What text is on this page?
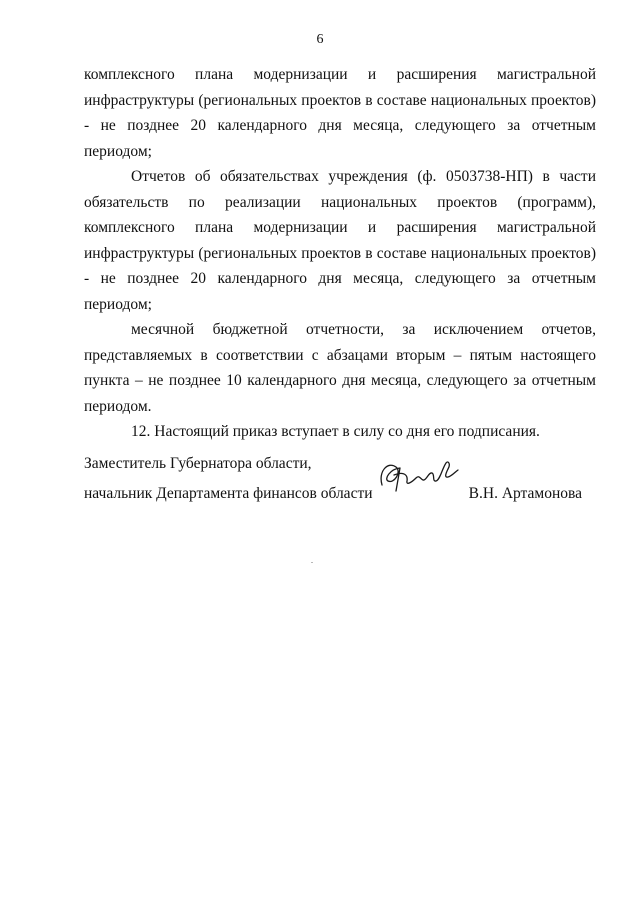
6

комплексного плана модернизации и расширения магистральной инфраструктуры (региональных проектов в составе национальных проектов) - не позднее 20 календарного дня месяца, следующего за отчетным периодом;

Отчетов об обязательствах учреждения (ф. 0503738-НП) в части обязательств по реализации национальных проектов (программ), комплексного плана модернизации и расширения магистральной инфраструктуры (региональных проектов в составе национальных проектов) - не позднее 20 календарного дня месяца, следующего за отчетным периодом;

месячной бюджетной отчетности, за исключением отчетов, представляемых в соответствии с абзацами вторым – пятым настоящего пункта – не позднее 10 календарного дня месяца, следующего за отчетным периодом.

12. Настоящий приказ вступает в силу со дня его подписания.

Заместитель Губернатора области,
начальник Департамента финансов области	В.Н. Артамонова
